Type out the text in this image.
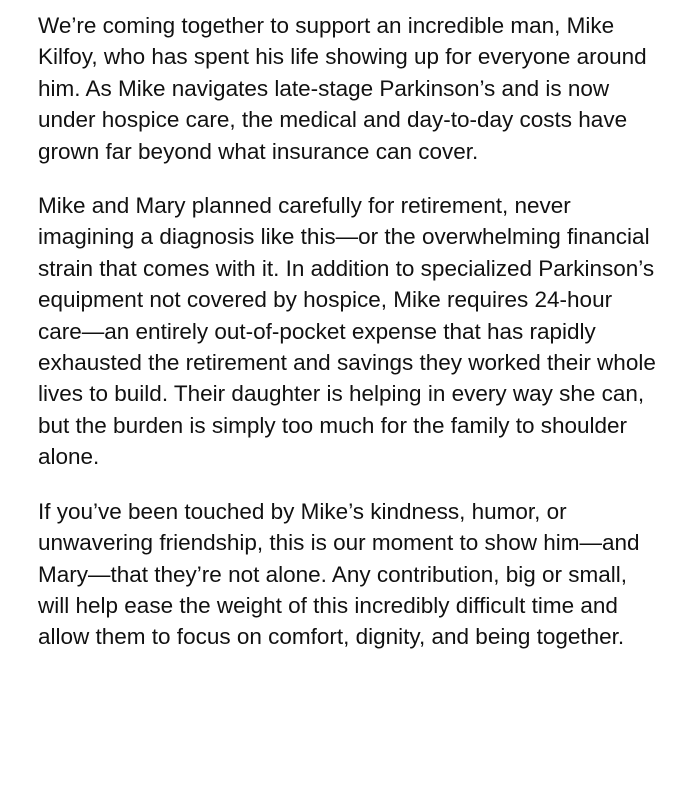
We’re coming together to support an incredible man, Mike Kilfoy, who has spent his life showing up for everyone around him. As Mike navigates late-stage Parkinson’s and is now under hospice care, the medical and day-to-day costs have grown far beyond what insurance can cover.

Mike and Mary planned carefully for retirement, never imagining a diagnosis like this—or the overwhelming financial strain that comes with it. In addition to specialized Parkinson’s equipment not covered by hospice, Mike requires 24-hour care—an entirely out-of-pocket expense that has rapidly exhausted the retirement and savings they worked their whole lives to build. Their daughter is helping in every way she can, but the burden is simply too much for the family to shoulder alone.

If you’ve been touched by Mike’s kindness, humor, or unwavering friendship, this is our moment to show him—and Mary—that they’re not alone. Any contribution, big or small, will help ease the weight of this incredibly difficult time and allow them to focus on comfort, dignity, and being together.
